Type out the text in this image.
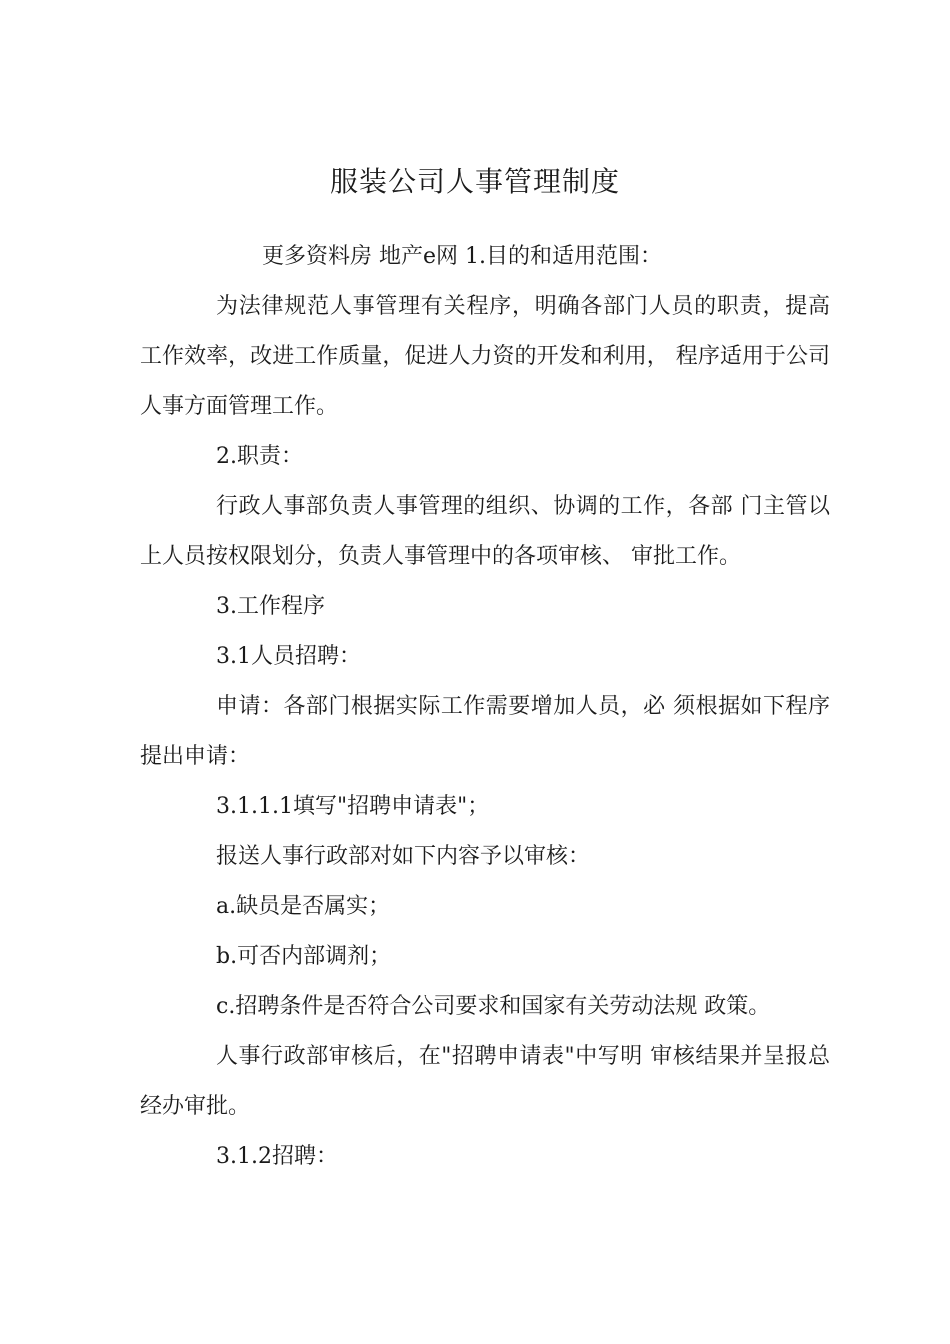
服装公司人事管理制度

更多资料房 地产e网 1.目的和适用范围：

为法律规范人事管理有关程序，明确各部门人员的职责，提高工作效率，改进工作质量，促进人力资的开发和利用， 程序适用于公司人事方面管理工作。

2.职责：

行政人事部负责人事管理的组织、协调的工作，各部 门主管以上人员按权限划分，负责人事管理中的各项审核、 审批工作。

3.工作程序

3.1人员招聘：

申请：各部门根据实际工作需要增加人员，必 须根据如下程序提出申请：

3.1.1.1填写"招聘申请表"；

报送人事行政部对如下内容予以审核：

a.缺员是否属实；

b.可否内部调剂；

c.招聘条件是否符合公司要求和国家有关劳动法规 政策。

人事行政部审核后，在"招聘申请表"中写明 审核结果并呈报总经办审批。

3.1.2招聘：
